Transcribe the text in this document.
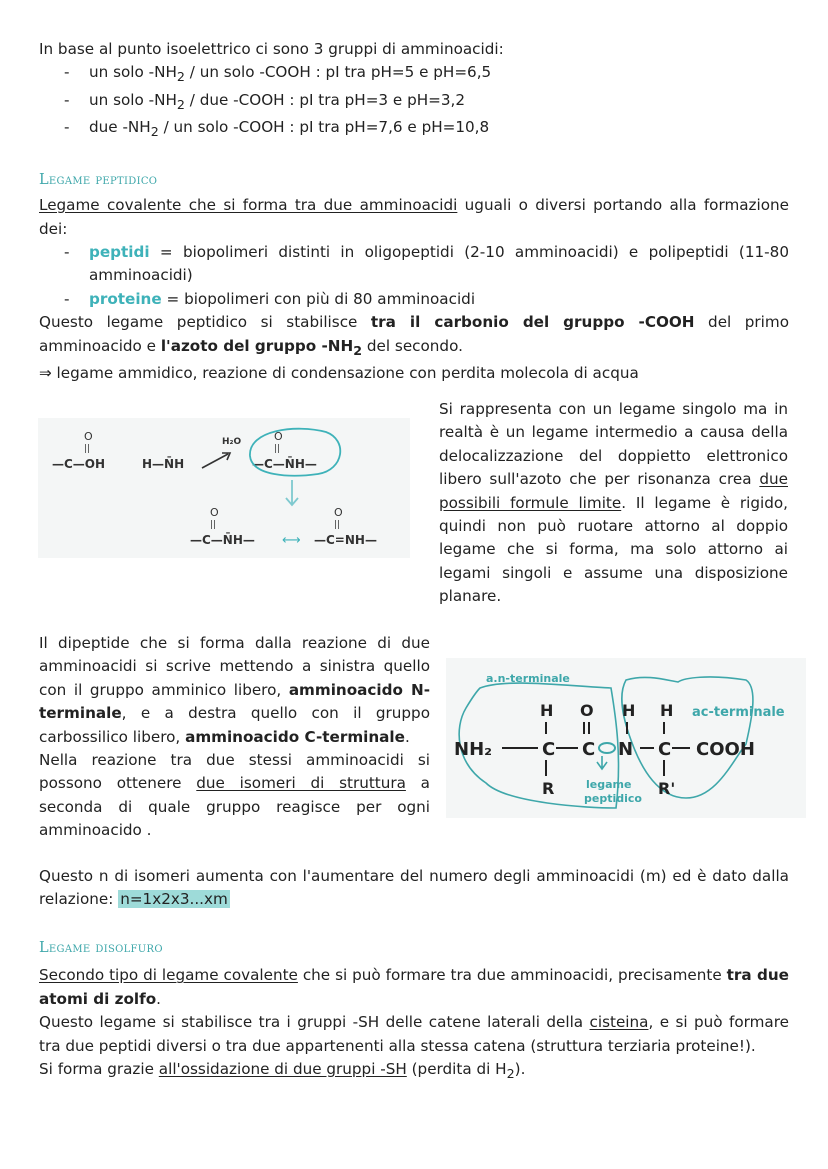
In base al punto isoelettrico ci sono 3 gruppi di amminoacidi:

- un solo $-NH_2$ / un solo -COOH : pI tra pH=5 e pH=6,5
- un solo $-NH_2$ / due -COOH : pI tra pH=3 e pH=3,2
- due $-NH_2$ / un solo -COOH : pI tra pH=7,6 e pH=10,8

Legame peptidico

Legame covalente che si forma tra due amminoacidi uguali o diversi portando alla formazione dei:

- peptidi = biopolimeri distinti in oligopeptidi (2-10 amminoacidi) e polipeptidi (11-80 amminoacidi)
- proteine = biopolimeri con più di 80 amminoacidi

Questo legame peptidico si stabilisce tra il carbonio del gruppo -COOH del primo amminoacido e l'azoto del gruppo $-NH_2$ del secondo.

⇒ legame ammidico, reazione di condensazione con perdita molecola di acqua

O
||
—C—OH	H—N̄H
H₂O	O
||
—C—N̄H—
O
||
—C—N̄H— ⟷
O
||
—C=NH—

Si rappresenta con un legame singolo ma in realtà è un legame intermedio a causa della delocalizzazione del doppietto elettronico libero sull'azoto che per risonanza crea due possibili formule limite. Il legame è rigido, quindi non può ruotare attorno al doppio legame che si forma, ma solo attorno ai legami singoli e assume una disposizione planare.

Il dipeptide che si forma dalla reazione di due amminoacidi si scrive mettendo a sinistra quello con il gruppo amminico libero, amminoacido N-terminale, e a destra quello con il gruppo carbossilico libero, amminoacido C-terminale.

Nella reazione tra due stessi amminoacidi si possono ottenere due isomeri di struttura a seconda di quale gruppo reagisce per ogni amminoacido .

a.n-terminale
ac-terminale
H O H H
NH₂	C C N C COOH
R	R'
legame
peptidico

Questo n di isomeri aumenta con l'aumentare del numero degli amminoacidi (m) ed è dato dalla relazione: n=1x2x3...xm

Legame disolfuro

Secondo tipo di legame covalente che si può formare tra due amminoacidi, precisamente tra due atomi di zolfo.

Questo legame si stabilisce tra i gruppi -SH delle catene laterali della cisteina, e si può formare tra due peptidi diversi o tra due appartenenti alla stessa catena (struttura terziaria proteine!).

Si forma grazie all'ossidazione di due gruppi -SH (perdita di $H_2$).
